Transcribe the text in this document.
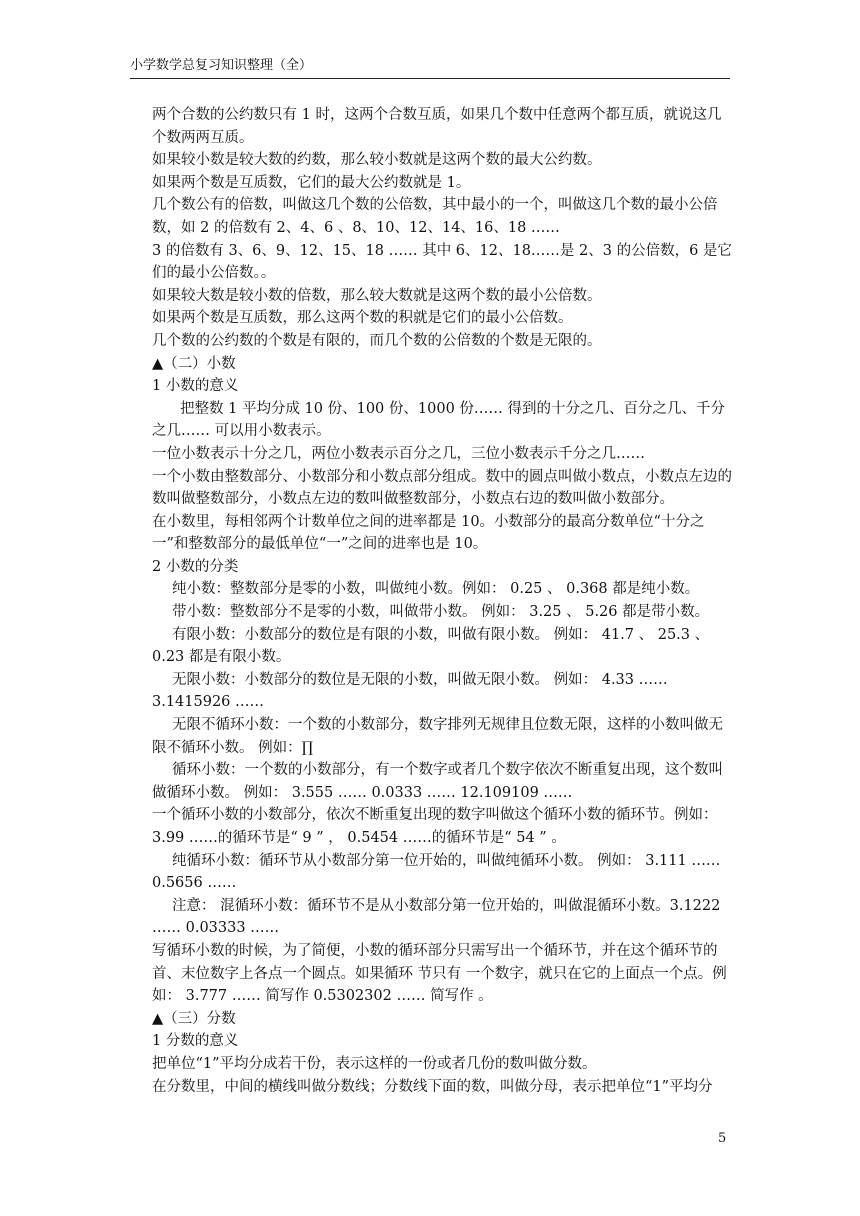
小学数学总复习知识整理（全）

两个合数的公约数只有 1 时，这两个合数互质，如果几个数中任意两个都互质，就说这几个数两两互质。

如果较小数是较大数的约数，那么较小数就是这两个数的最大公约数。

如果两个数是互质数，它们的最大公约数就是 1。

几个数公有的倍数，叫做这几个数的公倍数，其中最小的一个，叫做这几个数的最小公倍数，如 2 的倍数有 2、4、6 、8、10、12、14、16、18 ……

3 的倍数有 3、6、9、12、15、18 …… 其中 6、12、18……是 2、3 的公倍数，6 是它们的最小公倍数。。

如果较大数是较小数的倍数，那么较大数就是这两个数的最小公倍数。

如果两个数是互质数，那么这两个数的积就是它们的最小公倍数。

几个数的公约数的个数是有限的，而几个数的公倍数的个数是无限的。

▲（二）小数

1 小数的意义

把整数 1 平均分成 10 份、100 份、1000 份…… 得到的十分之几、百分之几、千分之几…… 可以用小数表示。

一位小数表示十分之几，两位小数表示百分之几，三位小数表示千分之几……

一个小数由整数部分、小数部分和小数点部分组成。数中的圆点叫做小数点，小数点左边的数叫做整数部分，小数点左边的数叫做整数部分，小数点右边的数叫做小数部分。

在小数里，每相邻两个计数单位之间的进率都是 10。小数部分的最高分数单位“十分之一”和整数部分的最低单位“一”之间的进率也是 10。

2 小数的分类

纯小数：整数部分是零的小数，叫做纯小数。例如： 0.25 、 0.368 都是纯小数。

带小数：整数部分不是零的小数，叫做带小数。 例如： 3.25 、 5.26 都是带小数。

有限小数：小数部分的数位是有限的小数，叫做有限小数。 例如： 41.7 、 25.3 、0.23 都是有限小数。

无限小数：小数部分的数位是无限的小数，叫做无限小数。 例如： 4.33 ……3.1415926 ……

无限不循环小数：一个数的小数部分，数字排列无规律且位数无限，这样的小数叫做无限不循环小数。 例如：∏

循环小数：一个数的小数部分，有一个数字或者几个数字依次不断重复出现，这个数叫做循环小数。 例如： 3.555 …… 0.0333 …… 12.109109 ……

一个循环小数的小数部分，依次不断重复出现的数字叫做这个循环小数的循环节。例如：3.99 ……的循环节是“ 9 ” ， 0.5454 ……的循环节是“ 54 ” 。

纯循环小数：循环节从小数部分第一位开始的，叫做纯循环小数。 例如： 3.111 ……0.5656 ……

注意： 混循环小数：循环节不是从小数部分第一位开始的，叫做混循环小数。3.1222 …… 0.03333 ……

写循环小数的时候，为了简便，小数的循环部分只需写出一个循环节，并在这个循环节的首、末位数字上各点一个圆点。如果循环 节只有 一个数字，就只在它的上面点一个点。例如： 3.777 …… 简写作 0.5302302 …… 简写作 。

▲（三）分数

1 分数的意义

把单位“1”平均分成若干份，表示这样的一份或者几份的数叫做分数。

在分数里，中间的横线叫做分数线；分数线下面的数，叫做分母，表示把单位“1”平均分

5
